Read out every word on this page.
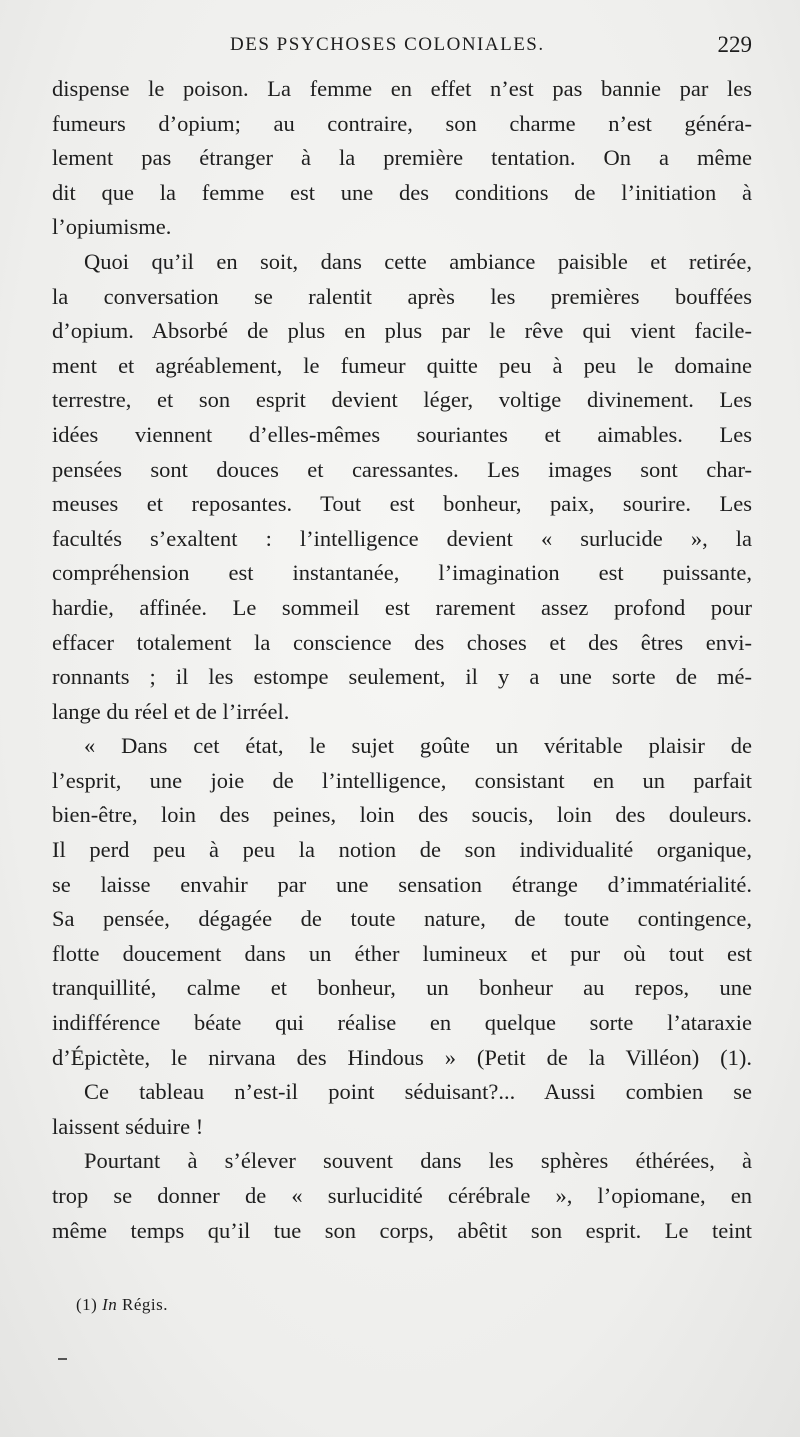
DES PSYCHOSES COLONIALES.	229
dispense le poison. La femme en effet n’est pas bannie par les
fumeurs d’opium; au contraire, son charme n’est généra-
lement pas étranger à la première tentation. On a même
dit que la femme est une des conditions de l’initiation à
l’opiumisme.
Quoi qu’il en soit, dans cette ambiance paisible et retirée,
la conversation se ralentit après les premières bouffées
d’opium. Absorbé de plus en plus par le rêve qui vient facile-
ment et agréablement, le fumeur quitte peu à peu le domaine
terrestre, et son esprit devient léger, voltige divinement. Les
idées viennent d’elles-mêmes souriantes et aimables. Les
pensées sont douces et caressantes. Les images sont char-
meuses et reposantes. Tout est bonheur, paix, sourire. Les
facultés s’exaltent : l’intelligence devient « surlucide », la
compréhension est instantanée, l’imagination est puissante,
hardie, affinée. Le sommeil est rarement assez profond pour
effacer totalement la conscience des choses et des êtres envi-
ronnants ; il les estompe seulement, il y a une sorte de mé-
lange du réel et de l’irréel.
« Dans cet état, le sujet goûte un véritable plaisir de
l’esprit, une joie de l’intelligence, consistant en un parfait
bien-être, loin des peines, loin des soucis, loin des douleurs.
Il perd peu à peu la notion de son individualité organique,
se laisse envahir par une sensation étrange d’immatérialité.
Sa pensée, dégagée de toute nature, de toute contingence,
flotte doucement dans un éther lumineux et pur où tout est
tranquillité, calme et bonheur, un bonheur au repos, une
indifférence béate qui réalise en quelque sorte l’ataraxie
d’Épictète, le nirvana des Hindous » (Petit de la Villéon) (1).
Ce tableau n’est-il point séduisant?... Aussi combien se
laissent séduire !
Pourtant à s’élever souvent dans les sphères éthérées, à
trop se donner de « surlucidité cérébrale », l’opiomane, en
même temps qu’il tue son corps, abêtit son esprit. Le teint
(1) In Régis.
